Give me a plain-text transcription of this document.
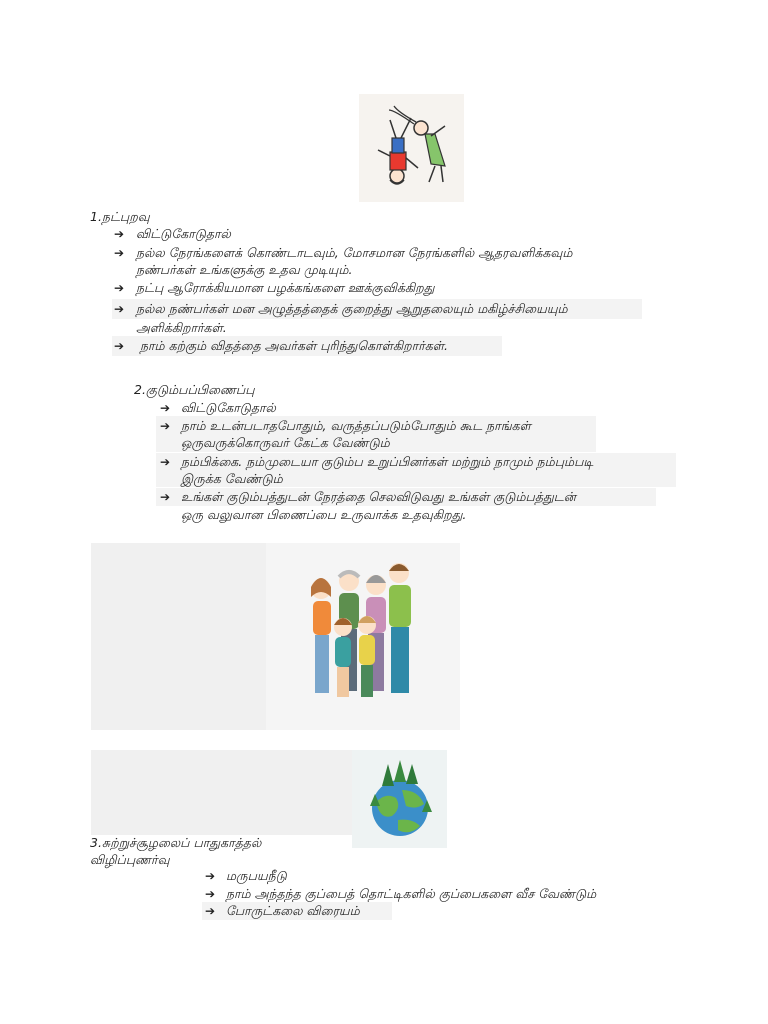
1.நட்புறவு
➔ விட்டுகோடுதால்
➔ நல்ல நேரங்களைக் கொண்டாடவும், மோசமான நேரங்களில் ஆதரவளிக்கவும்
நண்பர்கள் உங்களுக்கு உதவ முடியும்.
➔ நட்பு ஆரோக்கியமான பழக்கங்களை ஊக்குவிக்கிறது
➔ நல்ல நண்பர்கள் மன அழுத்தத்தைக் குறைத்து ஆறுதலையும் மகிழ்ச்சியையும்
அளிக்கிறார்கள்.
➔ நாம் கற்கும் விதத்தை அவர்கள் புரிந்துகொள்கிறார்கள்.
2.குடும்பப்பிணைப்பு
➔ விட்டுகோடுதால்
➔ நாம் உடன்படாதபோதும், வருத்தப்படும்போதும் கூட நாங்கள்
ஒருவருக்கொருவர் கேட்க வேண்டும்
➔ நம்பிக்கை. நம்முடையா குடும்ப உறுப்பினர்கள் மற்றும் நாமும் நம்பும்படி
இருக்க வேண்டும்
➔ உங்கள் குடும்பத்துடன் நேரத்தை செலவிடுவது உங்கள் குடும்பத்துடன்
ஒரு வலுவான பிணைப்பை உருவாக்க உதவுகிறது.
3.சுற்றுச்சூழலைப் பாதுகாத்தல்
விழிப்புணர்வு
➔ மருபயநீடு
➔ நாம் அந்தந்த குப்பைத் தொட்டிகளில் குப்பைகளை வீச வேண்டும்
➔ போருட்கலை விரையம்
